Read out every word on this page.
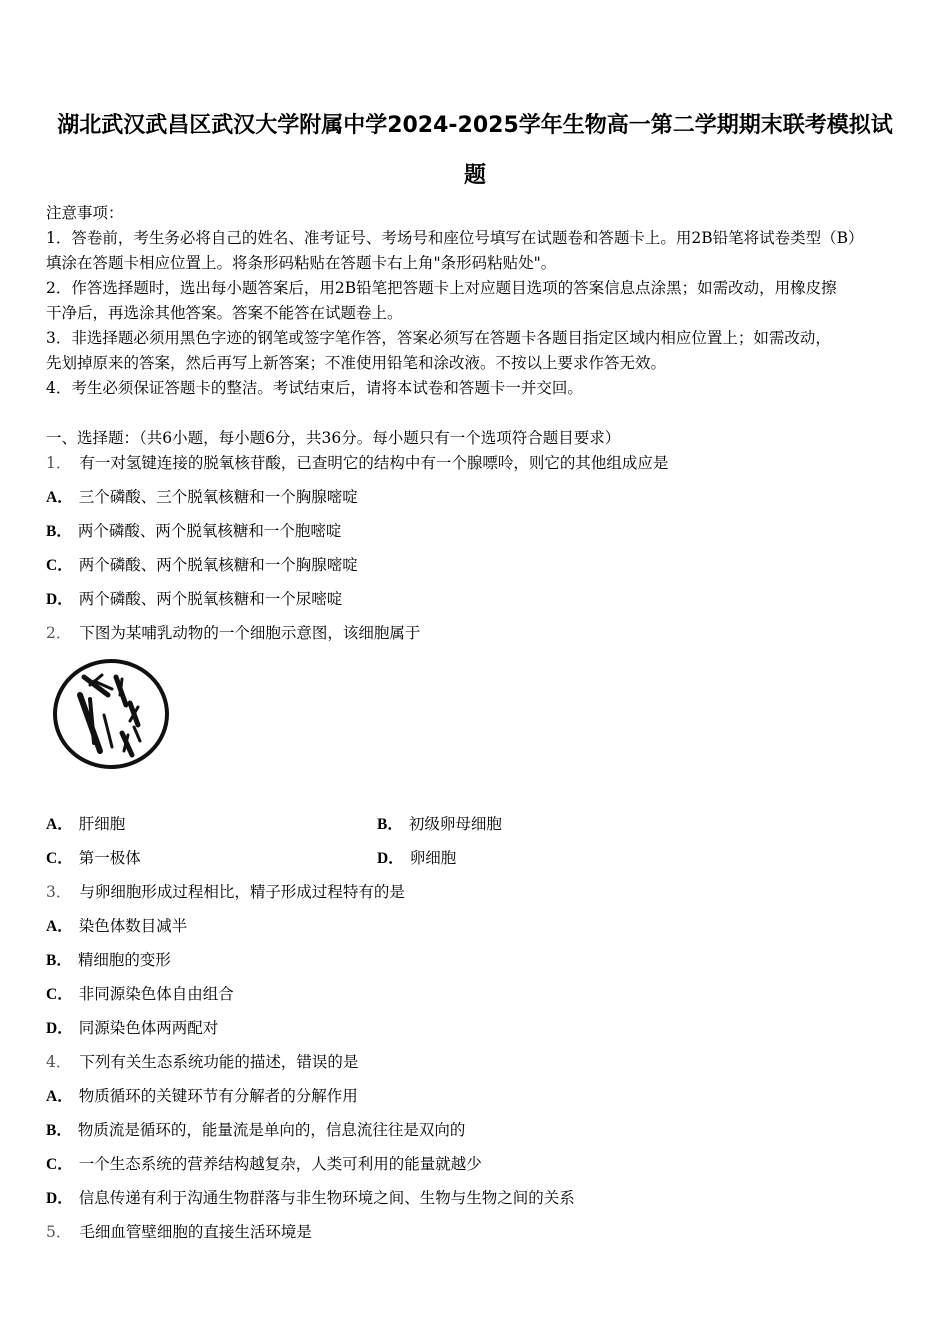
湖北武汉武昌区武汉大学附属中学2024-2025学年生物高一第二学期期末联考模拟试
题
注意事项：
1．答卷前，考生务必将自己的姓名、准考证号、考场号和座位号填写在试题卷和答题卡上。用2B铅笔将试卷类型（B）
填涂在答题卡相应位置上。将条形码粘贴在答题卡右上角"条形码粘贴处"。
2．作答选择题时，选出每小题答案后，用2B铅笔把答题卡上对应题目选项的答案信息点涂黑；如需改动，用橡皮擦
干净后，再选涂其他答案。答案不能答在试题卷上。
3．非选择题必须用黑色字迹的钢笔或签字笔作答，答案必须写在答题卡各题目指定区域内相应位置上；如需改动，
先划掉原来的答案，然后再写上新答案；不准使用铅笔和涂改液。不按以上要求作答无效。
4．考生必须保证答题卡的整洁。考试结束后，请将本试卷和答题卡一并交回。
一、选择题：（共6小题，每小题6分，共36分。每小题只有一个选项符合题目要求）
1． 有一对氢键连接的脱氧核苷酸，已查明它的结构中有一个腺嘌呤，则它的其他组成应是
A． 三个磷酸、三个脱氧核糖和一个胸腺嘧啶
B． 两个磷酸、两个脱氧核糖和一个胞嘧啶
C． 两个磷酸、两个脱氧核糖和一个胸腺嘧啶
D． 两个磷酸、两个脱氧核糖和一个尿嘧啶
2． 下图为某哺乳动物的一个细胞示意图，该细胞属于
A． 肝细胞	B． 初级卵母细胞
C． 第一极体	D． 卵细胞
3． 与卵细胞形成过程相比，精子形成过程特有的是
A． 染色体数目减半
B． 精细胞的变形
C． 非同源染色体自由组合
D． 同源染色体两两配对
4． 下列有关生态系统功能的描述，错误的是
A． 物质循环的关键环节有分解者的分解作用
B． 物质流是循环的，能量流是单向的，信息流往往是双向的
C． 一个生态系统的营养结构越复杂，人类可利用的能量就越少
D． 信息传递有利于沟通生物群落与非生物环境之间、生物与生物之间的关系
5． 毛细血管壁细胞的直接生活环境是
